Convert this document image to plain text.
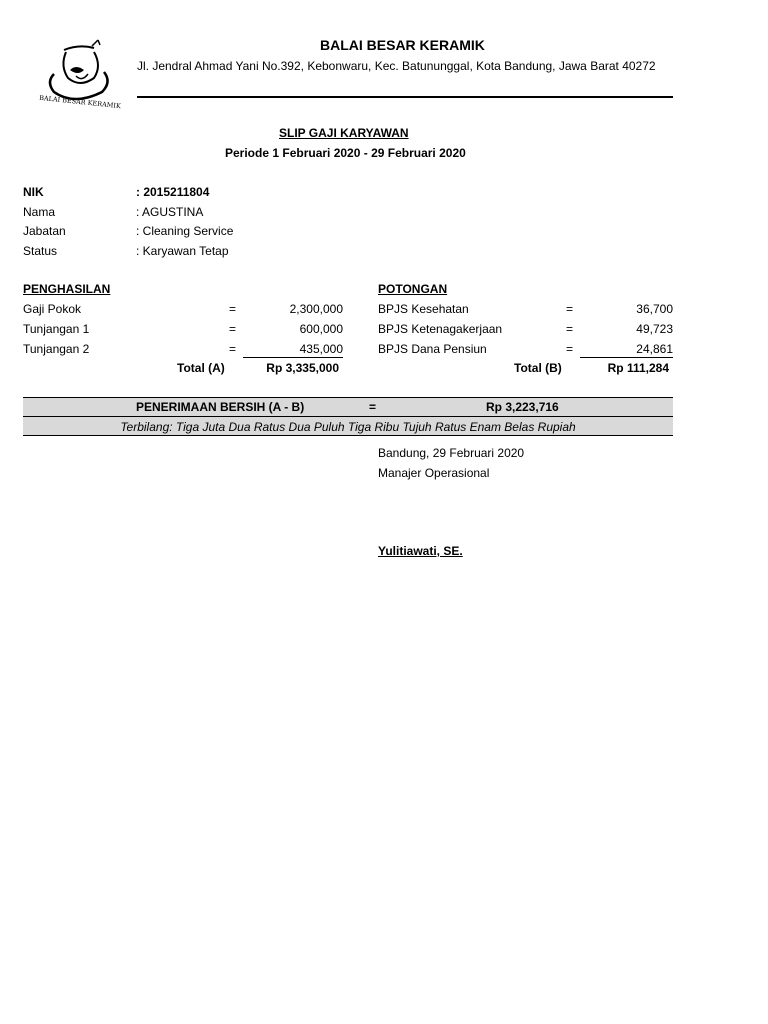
BALAI BESAR KERAMIK
BALAI BESAR KERAMIK
Jl. Jendral Ahmad Yani No.392, Kebonwaru, Kec. Batununggal, Kota Bandung, Jawa Barat 40272
SLIP GAJI KARYAWAN
Periode 1 Februari 2020 - 29 Februari 2020
NIK	: 2015211804
Nama	: AGUSTINA
Jabatan	: Cleaning Service
Status	: Karyawan Tetap
PENGHASILAN
Gaji Pokok	=	2,300,000
Tunjangan 1	=	600,000
Tunjangan 2	=	435,000
Total (A)	Rp 3,335,000
POTONGAN
BPJS Kesehatan	=	36,700
BPJS Ketenagakerjaan	=	49,723
BPJS Dana Pensiun	=	24,861
Total (B)	Rp 111,284
PENERIMAAN BERSIH (A - B)	=	Rp 3,223,716
Terbilang: Tiga Juta Dua Ratus Dua Puluh Tiga Ribu Tujuh Ratus Enam Belas Rupiah
Bandung, 29 Februari 2020
Manajer Operasional
Yulitiawati, SE.
